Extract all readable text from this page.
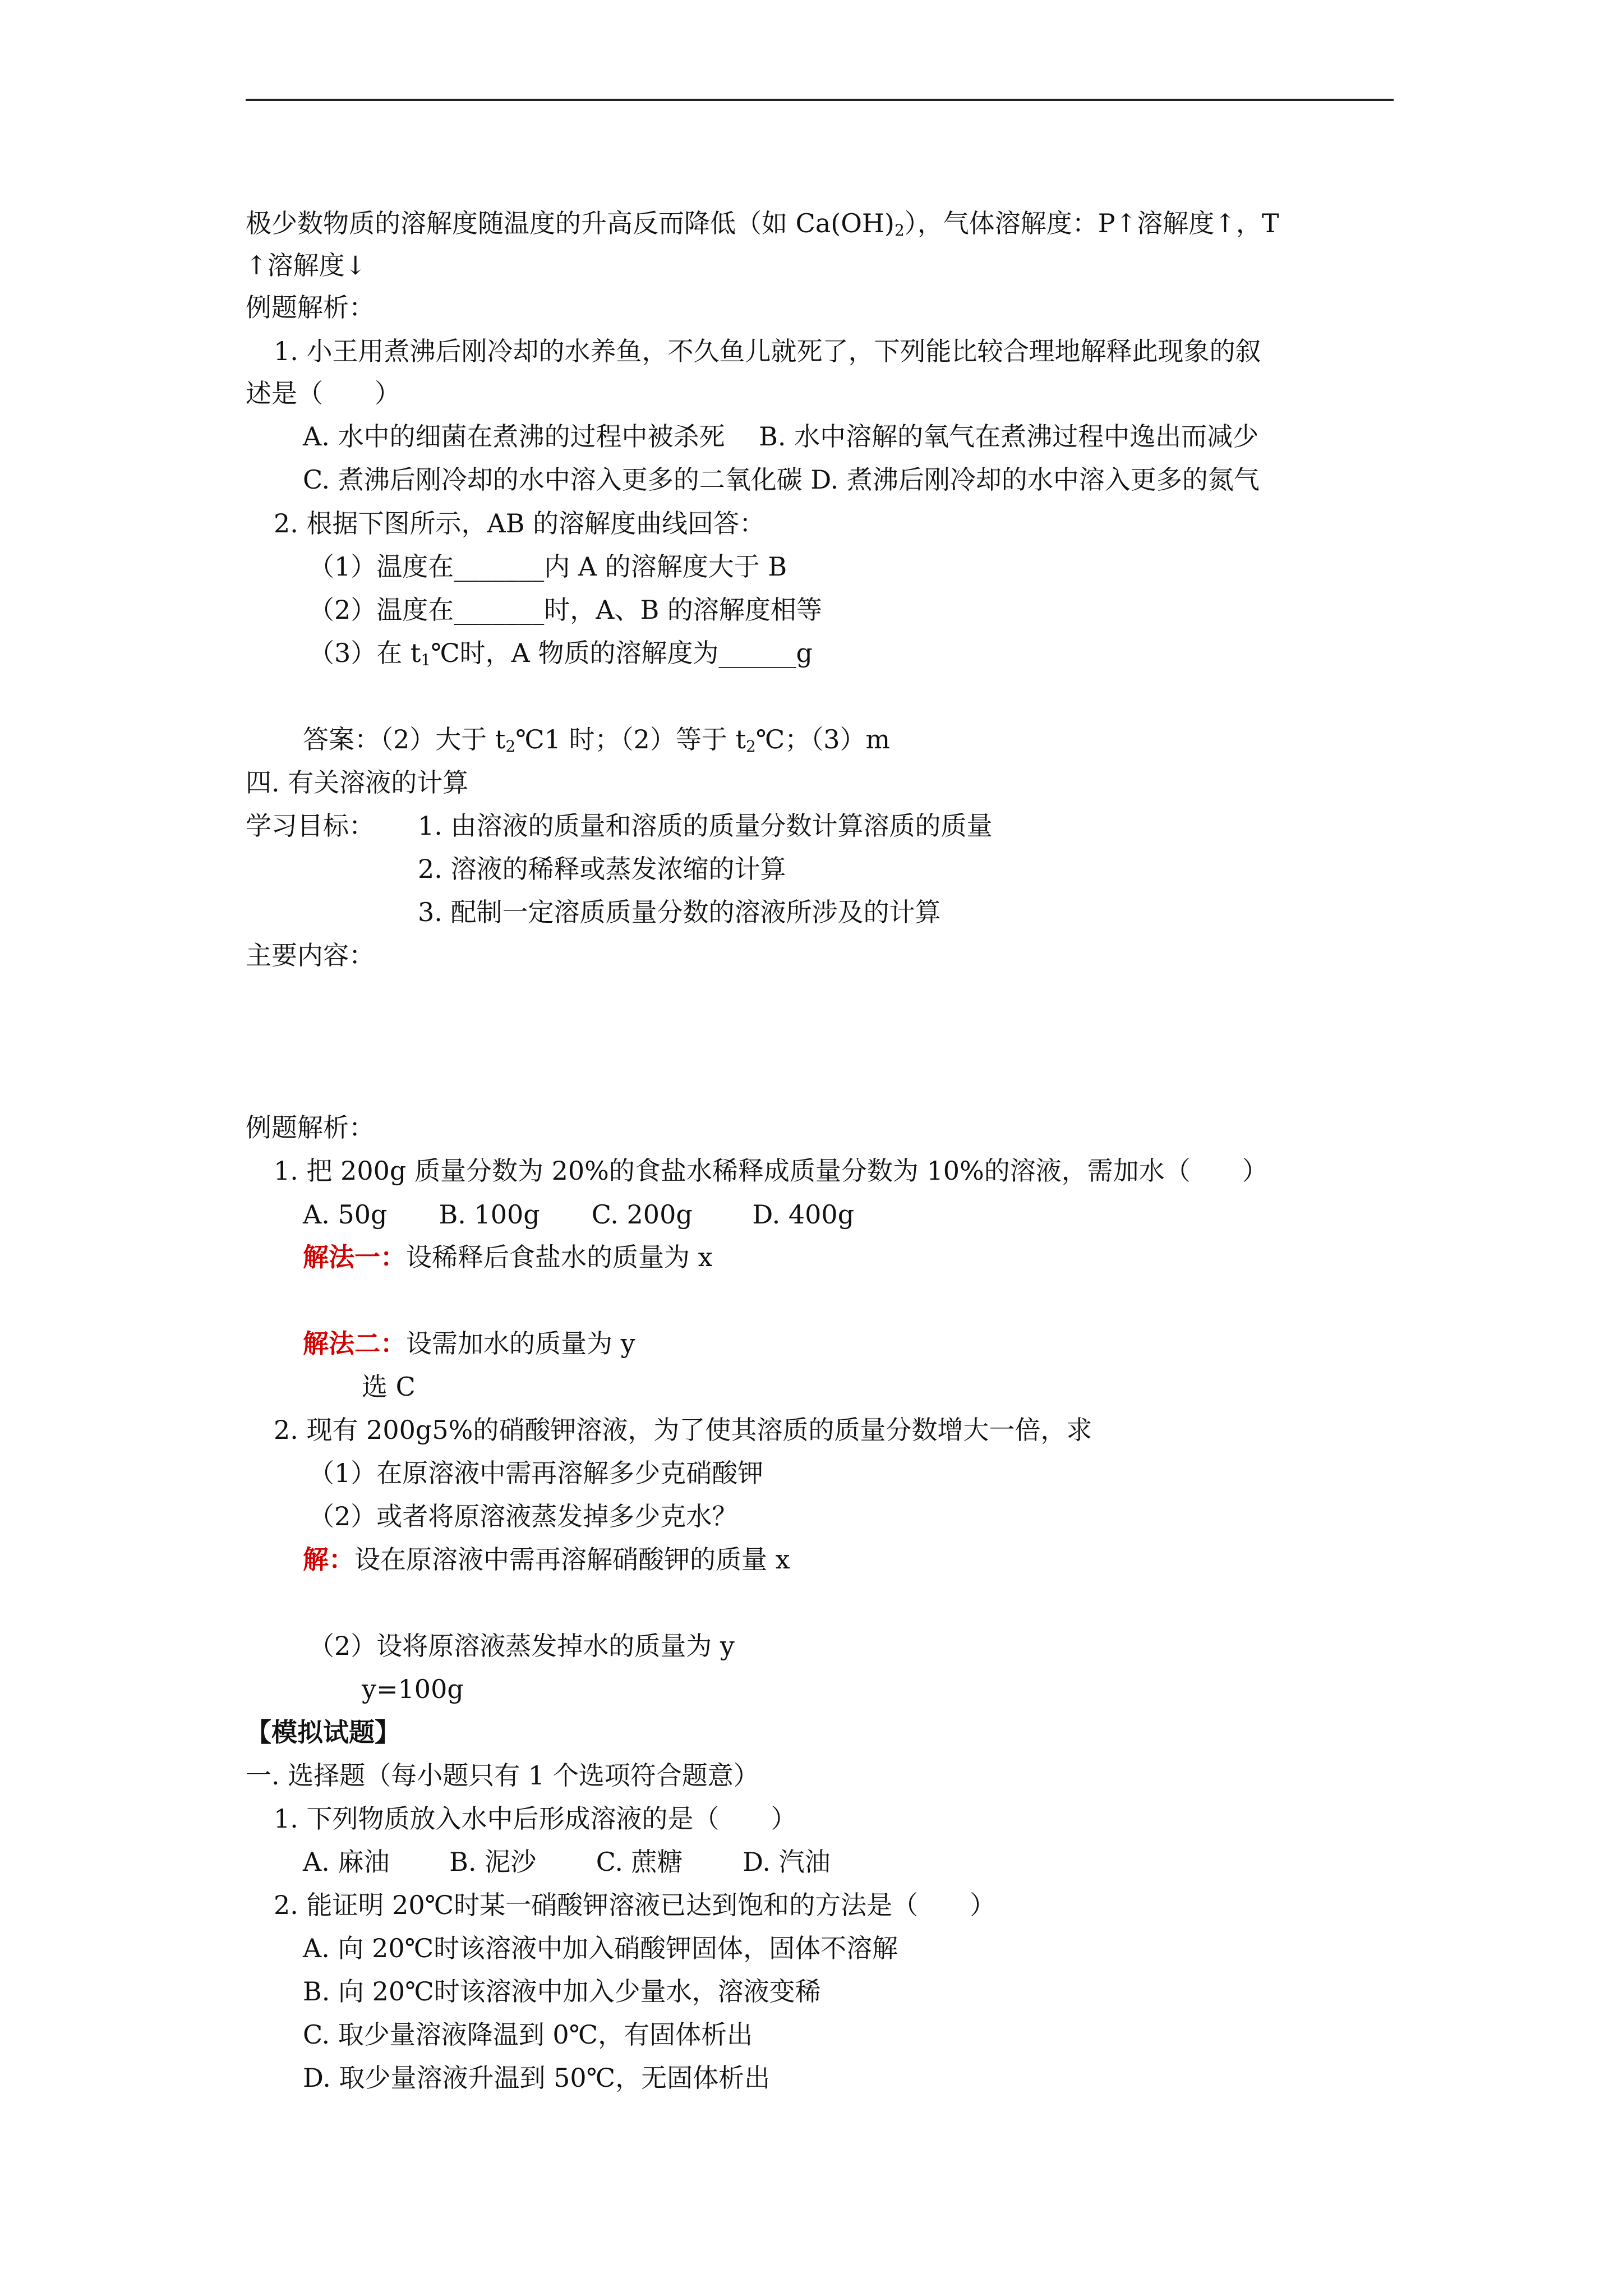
极少数物质的溶解度随温度的升高反而降低（如 $Ca(OH)_2$），气体溶解度：P↑溶解度↑，T
↑溶解度↓
例题解析：
1. 小王用煮沸后刚冷却的水养鱼，不久鱼儿就死了，下列能比较合理地解释此现象的叙
述是（　　）
A. 水中的细菌在煮沸的过程中被杀死　 B. 水中溶解的氧气在煮沸过程中逸出而减少
C. 煮沸后刚冷却的水中溶入更多的二氧化碳 D. 煮沸后刚冷却的水中溶入更多的氮气
2. 根据下图所示，AB 的溶解度曲线回答：
（1）温度在_______内 A 的溶解度大于 B
（2）温度在_______时，A、B 的溶解度相等
（3）在 $t_1℃$时，A 物质的溶解度为______g
答案：（2）大于 $t_2℃1$ 时；（2）等于 $t_2℃$；（3）m
四. 有关溶液的计算
学习目标： 1. 由溶液的质量和溶质的质量分数计算溶质的质量
2. 溶液的稀释或蒸发浓缩的计算
3. 配制一定溶质质量分数的溶液所涉及的计算
主要内容：
例题解析：
1. 把 200g 质量分数为 20%的食盐水稀释成质量分数为 10%的溶液，需加水（　　）
A. 50g　　B. 100g　　C. 200g　　 D. 400g
解法一：设稀释后食盐水的质量为 x
解法二：设需加水的质量为 y
选 C
2. 现有 200g5%的硝酸钾溶液，为了使其溶质的质量分数增大一倍，求
（1）在原溶液中需再溶解多少克硝酸钾
（2）或者将原溶液蒸发掉多少克水？
解：设在原溶液中需再溶解硝酸钾的质量 x
（2）设将原溶液蒸发掉水的质量为 y
y=100g
【模拟试题】
一. 选择题（每小题只有 1 个选项符合题意）
1. 下列物质放入水中后形成溶液的是（　　）
A. 麻油　　 B. 泥沙　　 C. 蔗糖　　 D. 汽油
2. 能证明 20℃时某一硝酸钾溶液已达到饱和的方法是（　　）
A. 向 20℃时该溶液中加入硝酸钾固体，固体不溶解
B. 向 20℃时该溶液中加入少量水，溶液变稀
C. 取少量溶液降温到 0℃，有固体析出
D. 取少量溶液升温到 50℃，无固体析出
